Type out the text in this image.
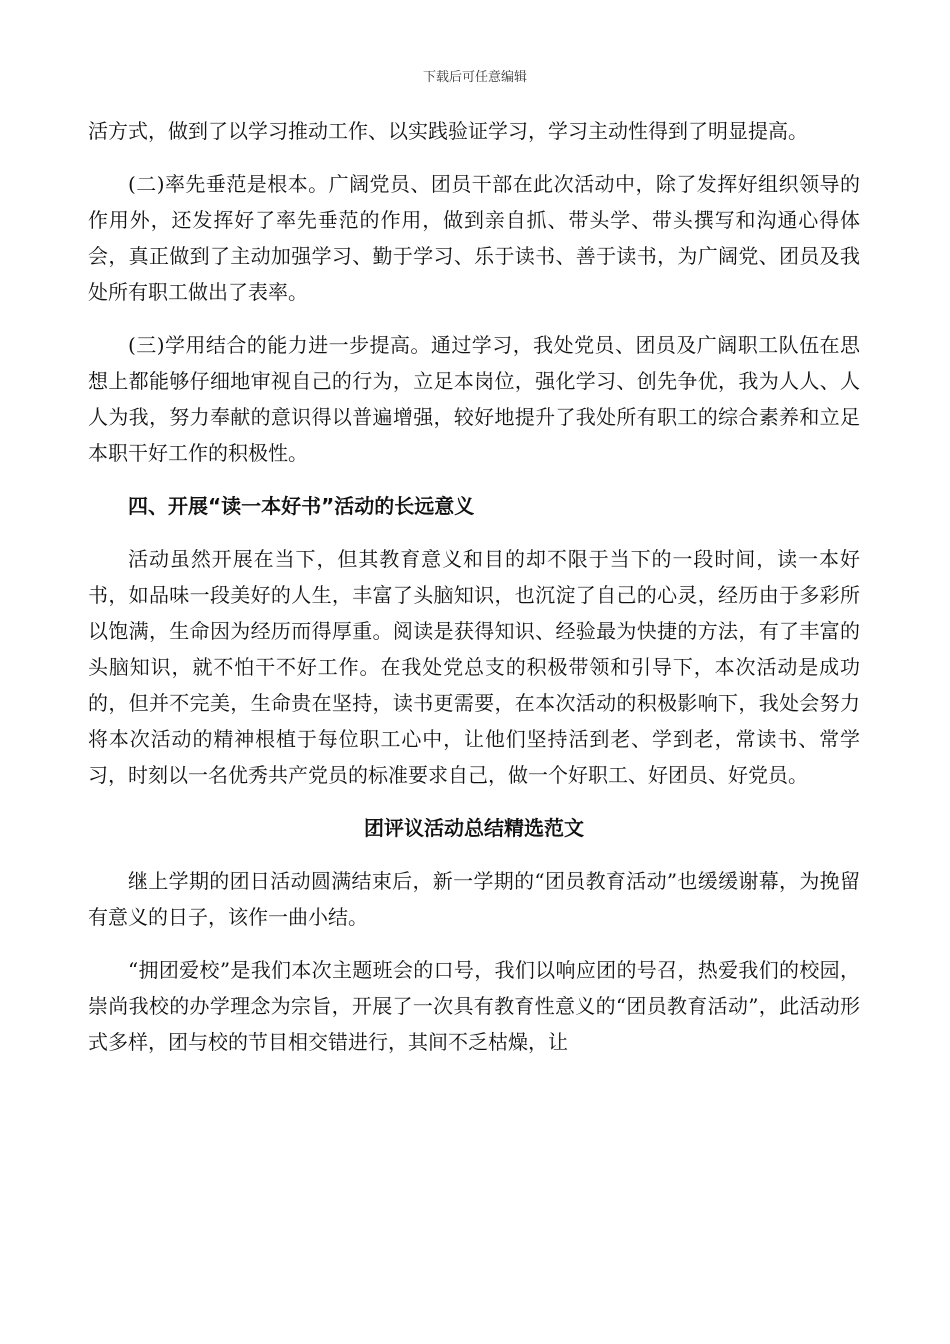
下载后可任意编辑

活方式，做到了以学习推动工作、以实践验证学习，学习主动性得到了明显提高。

(二)率先垂范是根本。广阔党员、团员干部在此次活动中，除了发挥好组织领导的作用外，还发挥好了率先垂范的作用，做到亲自抓、带头学、带头撰写和沟通心得体会，真正做到了主动加强学习、勤于学习、乐于读书、善于读书，为广阔党、团员及我处所有职工做出了表率。

(三)学用结合的能力进一步提高。通过学习，我处党员、团员及广阔职工队伍在思想上都能够仔细地审视自己的行为，立足本岗位，强化学习、创先争优，我为人人、人人为我，努力奉献的意识得以普遍增强，较好地提升了我处所有职工的综合素养和立足本职干好工作的积极性。

四、开展“读一本好书”活动的长远意义

活动虽然开展在当下，但其教育意义和目的却不限于当下的一段时间，读一本好书，如品味一段美好的人生，丰富了头脑知识，也沉淀了自己的心灵，经历由于多彩所以饱满，生命因为经历而得厚重。阅读是获得知识、经验最为快捷的方法，有了丰富的头脑知识，就不怕干不好工作。在我处党总支的积极带领和引导下，本次活动是成功的，但并不完美，生命贵在坚持，读书更需要，在本次活动的积极影响下，我处会努力将本次活动的精神根植于每位职工心中，让他们坚持活到老、学到老，常读书、常学习，时刻以一名优秀共产党员的标准要求自己，做一个好职工、好团员、好党员。

团评议活动总结精选范文

继上学期的团日活动圆满结束后，新一学期的“团员教育活动”也缓缓谢幕，为挽留有意义的日子，该作一曲小结。

“拥团爱校”是我们本次主题班会的口号，我们以响应团的号召，热爱我们的校园，崇尚我校的办学理念为宗旨，开展了一次具有教育性意义的“团员教育活动”，此活动形式多样，团与校的节目相交错进行，其间不乏枯燥，让
